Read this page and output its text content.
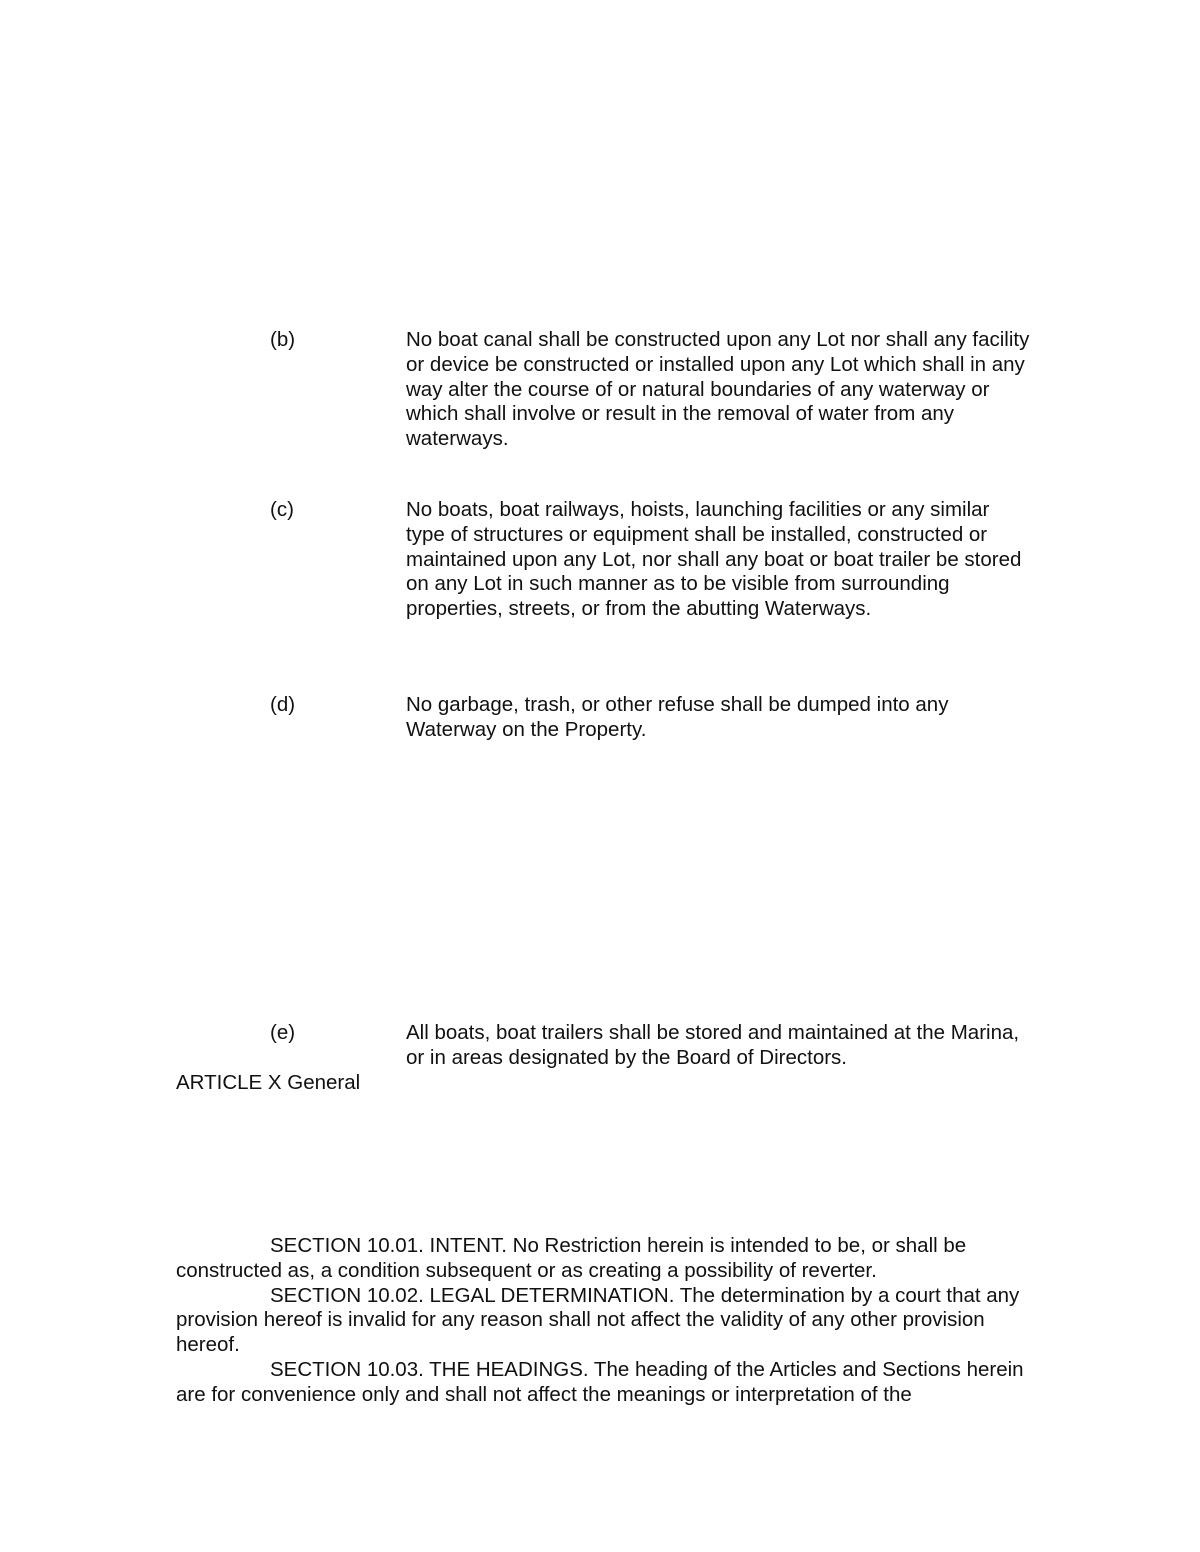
(b)	No boat canal shall be constructed upon any Lot nor shall any facility or device be constructed or installed upon any Lot which shall in any way alter the course of or natural boundaries of any waterway or which shall involve or result in the removal of water from any waterways.
(c)	No boats, boat railways, hoists, launching facilities or any similar type of structures or equipment shall be installed, constructed or maintained upon any Lot, nor shall any boat or boat trailer be stored on any Lot in such manner as to be visible from surrounding properties, streets, or from the abutting Waterways.
(d)	No garbage, trash, or other refuse shall be dumped into any Waterway on the Property.
(e)	All boats, boat trailers shall be stored and maintained at the Marina, or in areas designated by the Board of Directors.
ARTICLE X General

SECTION 10.01. INTENT. No Restriction herein is intended to be, or shall be constructed as, a condition subsequent or as creating a possibility of reverter.

SECTION 10.02. LEGAL DETERMINATION. The determination by a court that any provision hereof is invalid for any reason shall not affect the validity of any other provision hereof.

SECTION 10.03. THE HEADINGS. The heading of the Articles and Sections herein are for convenience only and shall not affect the meanings or interpretation of the
